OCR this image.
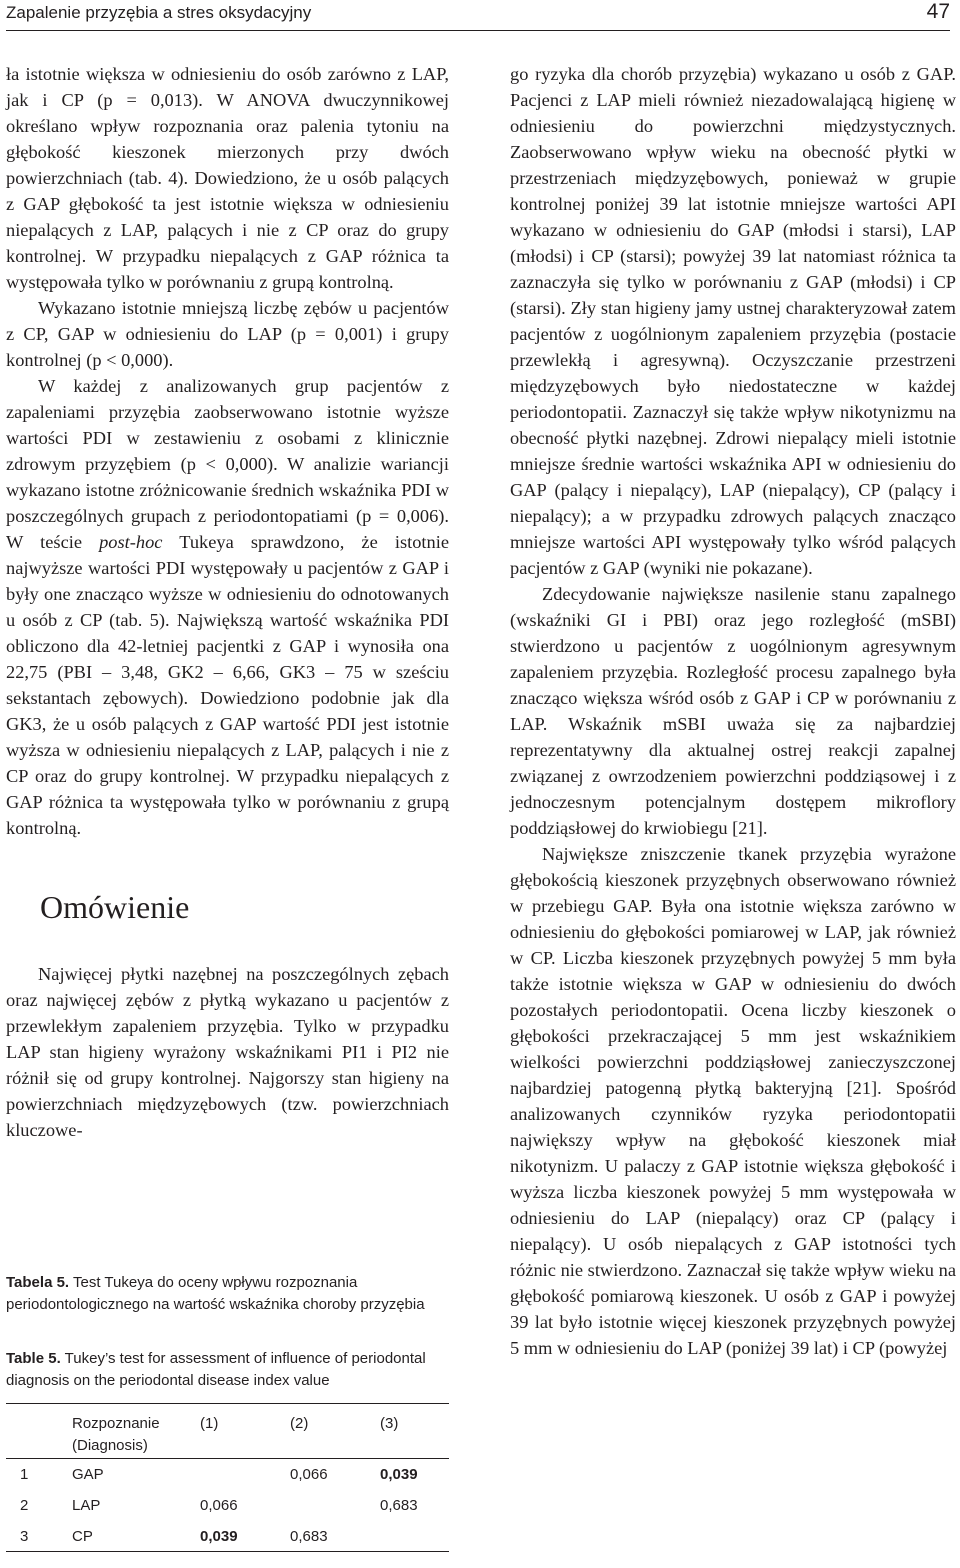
Zapalenie przyzębia a stres oksydacyjny	47

ła istotnie większa w odniesieniu do osób zarówno z LAP, jak i CP (p = 0,013). W ANOVA dwuczynnikowej określano wpływ rozpoznania oraz palenia tytoniu na głębokość kieszonek mierzonych przy dwóch powierzchniach (tab. 4). Dowiedziono, że u osób palących z GAP głębokość ta jest istotnie większa w odniesieniu niepalących z LAP, palących i nie z CP oraz do grupy kontrolnej. W przypadku niepalących z GAP różnica ta występowała tylko w porównaniu z grupą kontrolną.

Wykazano istotnie mniejszą liczbę zębów u pacjentów z CP, GAP w odniesieniu do LAP (p = 0,001) i grupy kontrolnej (p < 0,000).

W każdej z analizowanych grup pacjentów z zapaleniami przyzębia zaobserwowano istotnie wyższe wartości PDI w zestawieniu z osobami z klinicznie zdrowym przyzębiem (p < 0,000). W analizie wariancji wykazano istotne zróżnicowanie średnich wskaźnika PDI w poszczególnych grupach z periodontopatiami (p = 0,006). W teście post-hoc Tukeya sprawdzono, że istotnie najwyższe wartości PDI występowały u pacjentów z GAP i były one znacząco wyższe w odniesieniu do odnotowanych u osób z CP (tab. 5). Największą wartość wskaźnika PDI obliczono dla 42-letniej pacjentki z GAP i wynosiła ona 22,75 (PBI – 3,48, GK2 – 6,66, GK3 – 75 w sześciu sekstantach zębowych). Dowiedziono podobnie jak dla GK3, że u osób palących z GAP wartość PDI jest istotnie wyższa w odniesieniu niepalących z LAP, palących i nie z CP oraz do grupy kontrolnej. W przypadku niepalących z GAP różnica ta występowała tylko w porównaniu z grupą kontrolną.

Omówienie

Najwięcej płytki nazębnej na poszczególnych zębach oraz najwięcej zębów z płytką wykazano u pacjentów z przewlekłym zapaleniem przyzębia. Tylko w przypadku LAP stan higieny wyrażony wskaźnikami PI1 i PI2 nie różnił się od grupy kontrolnej. Najgorszy stan higieny na powierzchniach międzyzębowych (tzw. powierzchniach kluczowe-

Tabela 5. Test Tukeya do oceny wpływu rozpoznania periodontologicznego na wartość wskaźnika choroby przyzębia

Table 5. Tukey’s test for assessment of influence of periodontal diagnosis on the periodontal disease index value

	Rozpoznanie
(Diagnosis)	(1)	(2)	(3)
1	GAP		0,066	0,039
2	LAP	0,066		0,683
3	CP	0,039	0,683	

go ryzyka dla chorób przyzębia) wykazano u osób z GAP. Pacjenci z LAP mieli również niezadowalającą higienę w odniesieniu do powierzchni międzystycznych. Zaobserwowano wpływ wieku na obecność płytki w przestrzeniach międzyzębowych, ponieważ w grupie kontrolnej poniżej 39 lat istotnie mniejsze wartości API wykazano w odniesieniu do GAP (młodsi i starsi), LAP (młodsi) i CP (starsi); powyżej 39 lat natomiast różnica ta zaznaczyła się tylko w porównaniu z GAP (młodsi) i CP (starsi). Zły stan higieny jamy ustnej charakteryzował zatem pacjentów z uogólnionym zapaleniem przyzębia (postacie przewlekłą i agresywną). Oczyszczanie przestrzeni międzyzębowych było niedostateczne w każdej periodontopatii. Zaznaczył się także wpływ nikotynizmu na obecność płytki nazębnej. Zdrowi niepalący mieli istotnie mniejsze średnie wartości wskaźnika API w odniesieniu do GAP (palący i niepalący), LAP (niepalący), CP (palący i niepalący); a w przypadku zdrowych palących znacząco mniejsze wartości API występowały tylko wśród palących pacjentów z GAP (wyniki nie pokazane).

Zdecydowanie największe nasilenie stanu zapalnego (wskaźniki GI i PBI) oraz jego rozległość (mSBI) stwierdzono u pacjentów z uogólnionym agresywnym zapaleniem przyzębia. Rozległość procesu zapalnego była znacząco większa wśród osób z GAP i CP w porównaniu z LAP. Wskaźnik mSBI uważa się za najbardziej reprezentatywny dla aktualnej ostrej reakcji zapalnej związanej z owrzodzeniem powierzchni poddziąsowej i z jednoczesnym potencjalnym dostępem mikroflory poddziąsłowej do krwiobiegu [21].

Największe zniszczenie tkanek przyzębia wyrażone głębokością kieszonek przyzębnych obserwowano również w przebiegu GAP. Była ona istotnie większa zarówno w odniesieniu do głębokości pomiarowej w LAP, jak również w CP. Liczba kieszonek przyzębnych powyżej 5 mm była także istotnie większa w GAP w odniesieniu do dwóch pozostałych periodontopatii. Ocena liczby kieszonek o głębokości przekraczającej 5 mm jest wskaźnikiem wielkości powierzchni poddziąsłowej zanieczyszczonej najbardziej patogenną płytką bakteryjną [21]. Spośród analizowanych czynników ryzyka periodontopatii największy wpływ na głębokość kieszonek miał nikotynizm. U palaczy z GAP istotnie większa głębokość i wyższa liczba kieszonek powyżej 5 mm występowała w odniesieniu do LAP (niepalący) oraz CP (palący i niepalący). U osób niepalących z GAP istotności tych różnic nie stwierdzono. Zaznaczał się także wpływ wieku na głębokość pomiarową kieszonek. U osób z GAP i powyżej 39 lat było istotnie więcej kieszonek przyzębnych powyżej 5 mm w odniesieniu do LAP (poniżej 39 lat) i CP (powyżej
